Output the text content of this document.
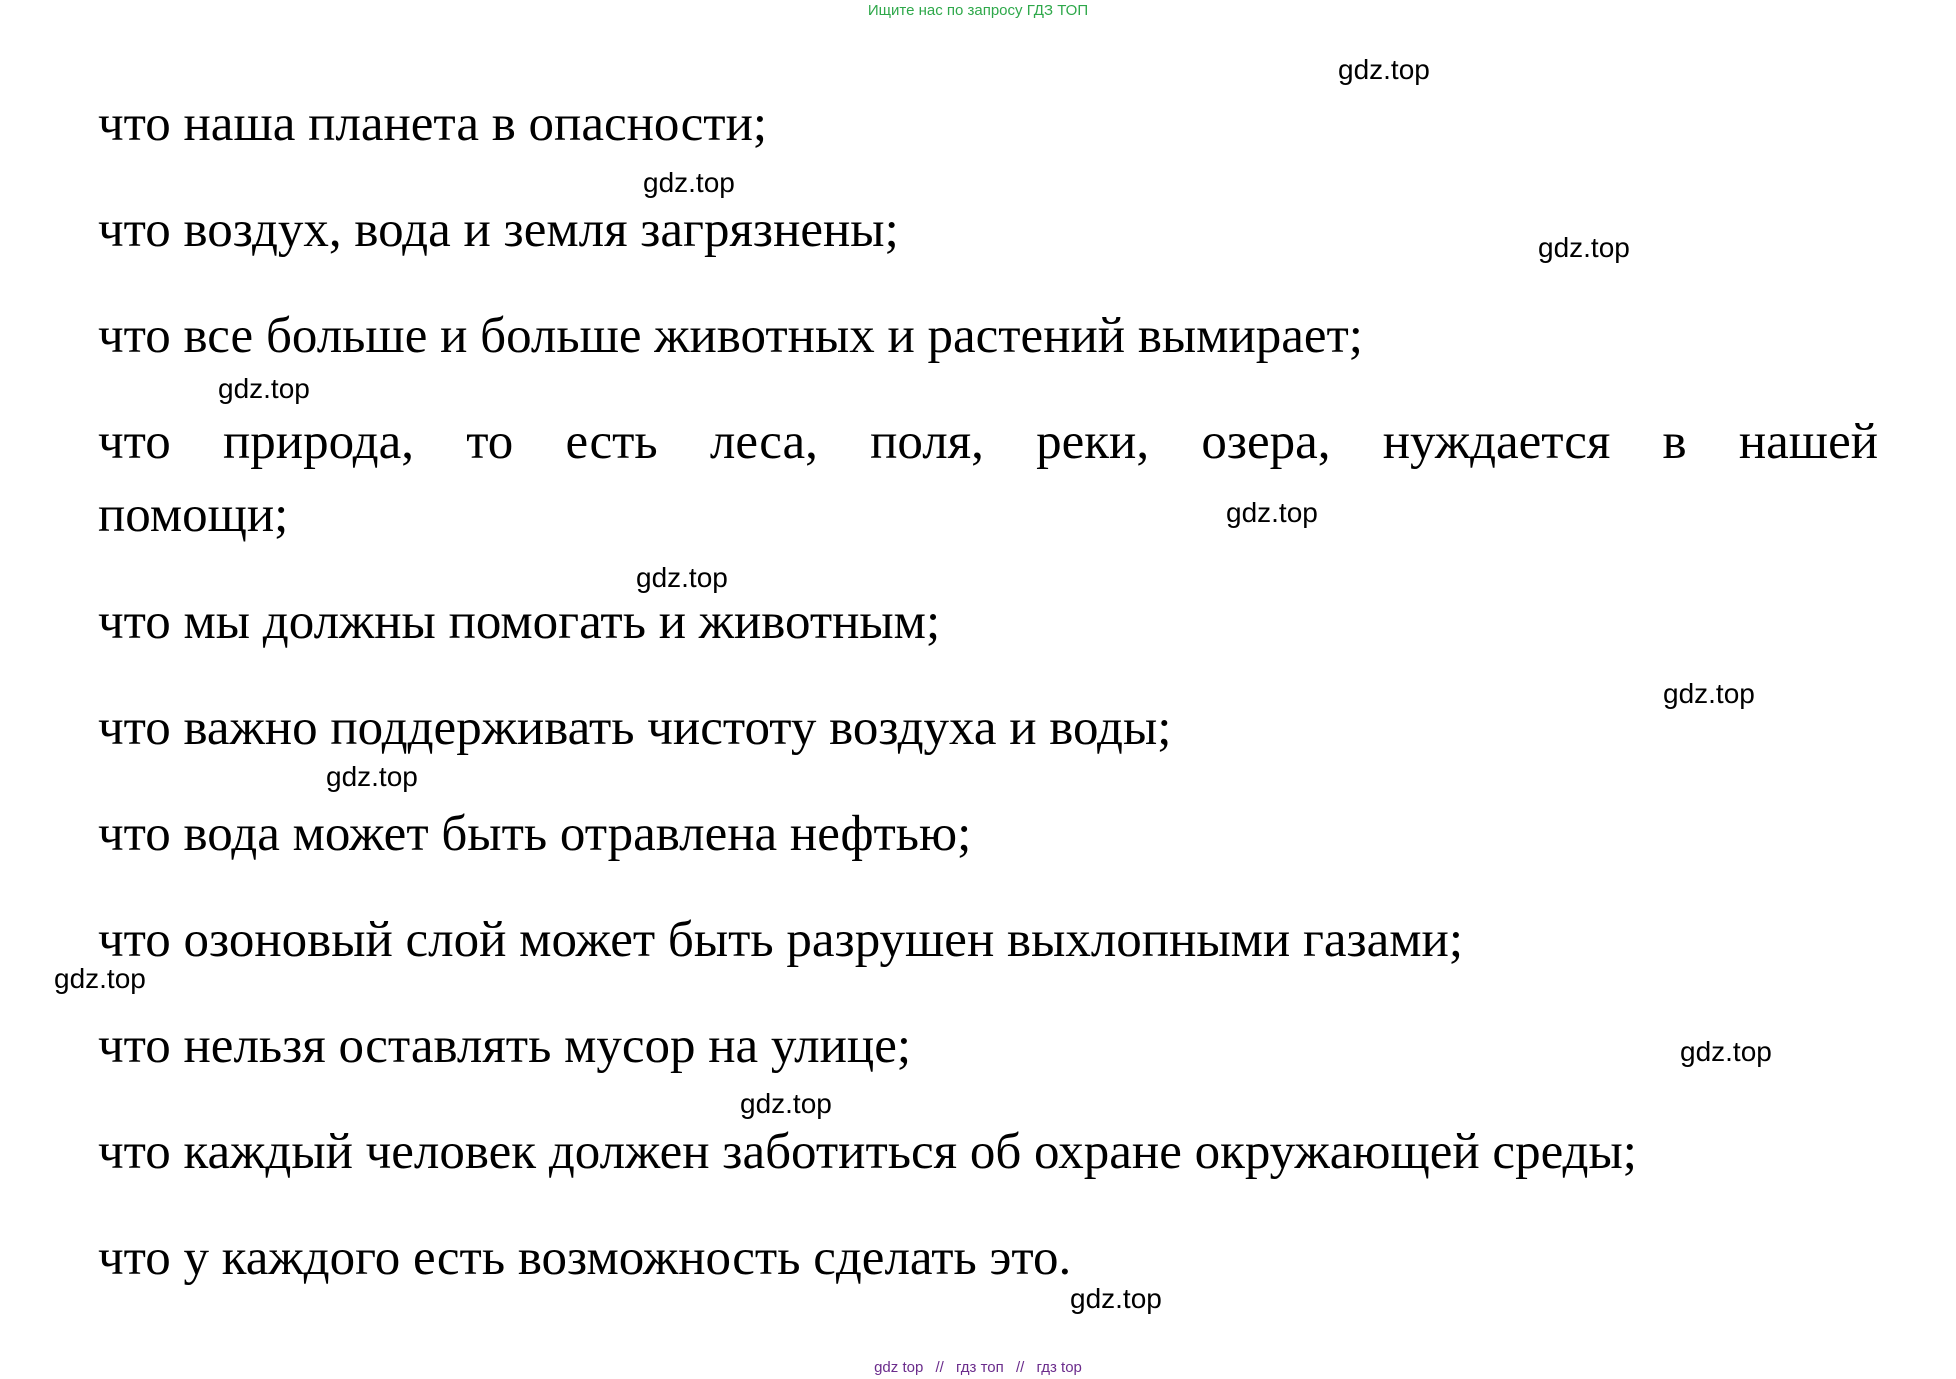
Ищите нас по запросу ГДЗ ТОП
что наша планета в опасности;
что воздух, вода и земля загрязнены;
что все больше и больше животных и растений вымирает;
что природа, то есть леса, поля, реки, озера, нуждается в нашей
помощи;
что мы должны помогать и животным;
что важно поддерживать чистоту воздуха и воды;
что вода может быть отравлена нефтью;
что озоновый слой может быть разрушен выхлопными газами;
что нельзя оставлять мусор на улице;
что каждый человек должен заботиться об охране окружающей среды;
что у каждого есть возможность сделать это.
gdz.top
gdz.top
gdz.top
gdz.top
gdz.top
gdz.top
gdz.top
gdz.top
gdz.top
gdz.top
gdz.top
gdz.top
gdz top // гдз топ // гдз top
